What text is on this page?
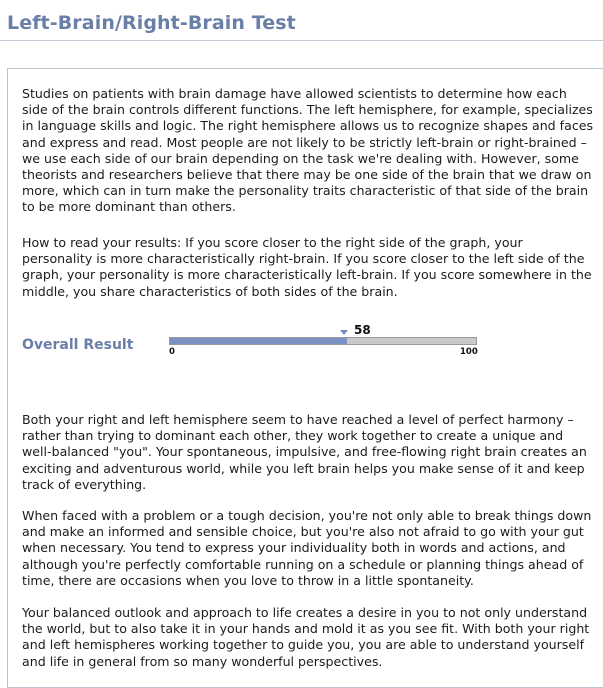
Left-Brain/Right-Brain Test

Studies on patients with brain damage have allowed scientists to determine how each side of the brain controls different functions. The left hemisphere, for example, specializes in language skills and logic. The right hemisphere allows us to recognize shapes and faces and express and read. Most people are not likely to be strictly left-brain or right-brained – we use each side of our brain depending on the task we're dealing with. However, some theorists and researchers believe that there may be one side of the brain that we draw on more, which can in turn make the personality traits characteristic of that side of the brain to be more dominant than others.

How to read your results: If you score closer to the right side of the graph, your personality is more characteristically right-brain. If you score closer to the left side of the graph, your personality is more characteristically left-brain. If you score somewhere in the middle, you share characteristics of both sides of the brain.

Overall Result
58
0	100

Both your right and left hemisphere seem to have reached a level of perfect harmony – rather than trying to dominant each other, they work together to create a unique and well-balanced "you". Your spontaneous, impulsive, and free-flowing right brain creates an exciting and adventurous world, while you left brain helps you make sense of it and keep track of everything.

When faced with a problem or a tough decision, you're not only able to break things down and make an informed and sensible choice, but you're also not afraid to go with your gut when necessary. You tend to express your individuality both in words and actions, and although you're perfectly comfortable running on a schedule or planning things ahead of time, there are occasions when you love to throw in a little spontaneity.

Your balanced outlook and approach to life creates a desire in you to not only understand the world, but to also take it in your hands and mold it as you see fit. With both your right and left hemispheres working together to guide you, you are able to understand yourself and life in general from so many wonderful perspectives.
